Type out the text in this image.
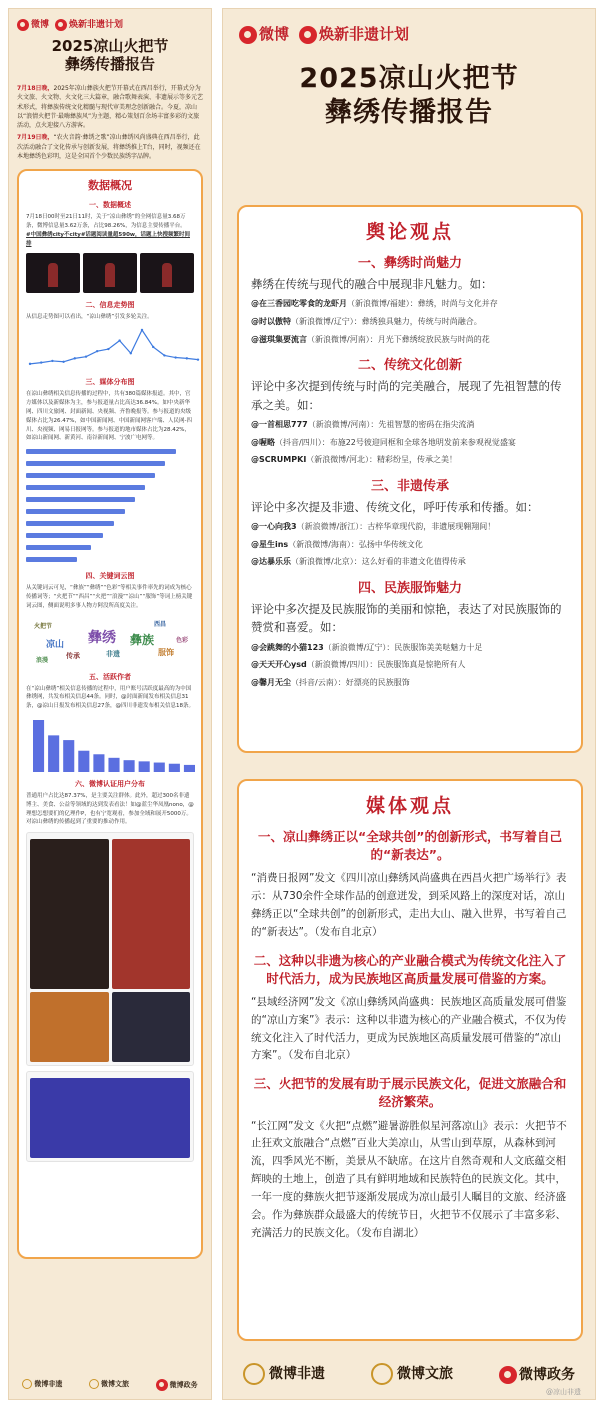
微博	焕新非遗计划
2025凉山火把节
彝绣传播报告

7月18日晚，2025年凉山彝族火把节开幕式在西昌举行，开幕式分为火文旅、火文物、火文化三大篇章，融合歌舞表演、非遗展示等多元艺术形式，将彝族传统文化精髓与现代审美理念创新融合。今夏，凉山以“浪情火把节·最嗨彝族风”为主题，精心策划百余场丰富多彩的文旅活动，点火迎接八方游客。

7月19日晚，“农火音韵·彝绣之歌”凉山彝绣风尚盛典在西昌举行，此次活动融合了文化传承与创新发展，将彝绣推上T台，同时，视频还在本地彝绣色彩明，这是全国首个少数民族绣字品牌。

数据概况
一、数据概述
7月18日00时至21日11时，关于“凉山彝绣”的全网信息量3.68万条，微博信息量3.62万条，占比98.26%，为信息主要传播平台。
#中国彝绣city不city#话题阅读量超590w，话题上快搜频繁时间排
二、信息走势图
从信息走势图可以看出，“凉山彝绣”引发多轮关注。
三、媒体分布图
在凉山彝绣相关信息传播的过程中，共有380篇媒体报道。其中，官方媒体以及新媒体为主，参与报道量占比高达36.84%。如中央新华网、四川文旅网、封面新闻、央视频、齐鲁晚报等。参与报道的央级媒体占比为26.47%，如中国新闻网、中国新闻网客户端、人民网-四川、央视频、网易日报网等。参与报道的地市媒体占比为28.42%，如凉山新闻网、新黄河、南谷新闻网、宁波广电网等。
四、关键词云图
从关键词云可见，“彝族”“彝绣”“色彩”等相关事件率先的词成为核心传播词等；“火把节”“西昌”“火把”“浪漫”“凉山”“服饰”等词上榜关键词云图，侧面说明多事人物方阿没所高度关注。
彝绣 彝族
凉山
服饰
传承	非遗
火把节	西昌
色彩
浪漫
五、活跃作者
在“凉山彝绣”相关信息传播的过程中，用户账号活跃度最高的为中国彝绣网，共发布相关信息44条。同时，@封面新闻发布相关信息31条，@凉山日报发布相关信息27条，@四川非遗发布相关信息18条。
六、微博认证用户分布
普通用户占比达87.37%，是主要关注群体。此外，超过300名非遗博主、美食、公益等领域的达到发表看法！如@蓝尘华凤凰nono，@理想怎想要们的亿理作P，也有宁宽观看，参加全域和展开5000万。对凉山彝绣的传播起到了重要的推动作用。
微博非遗	微博文旅	微博政务
微博	焕新非遗计划
2025凉山火把节
彝绣传播报告
舆论观点
一、彝绣时尚魅力

彝绣在传统与现代的融合中展现非凡魅力。如：

@在三香园吃零食的龙虾月（新浪微博/福建）：彝绣，时尚与文化并存
@时以傲特（新浪微博/辽宁）：彝绣独具魅力，传统与时尚融合。
@滋琪集要流言（新浪微博/河南）：月光下彝绣绽放民族与时尚的花
二、传统文化创新

评论中多次提到传统与时尚的完美融合，展现了先祖智慧的传承之美。如：

@一首相思777（新浪微博/河南）：先祖智慧的密码在指尖流淌
@喔略（抖音/四川）：布施22号彼迎同框和全球各地明发前来参观视觉盛宴
@SCRUMPKI（新浪微博/河北）：精彩纷呈，传承之美！
三、非遗传承

评论中多次提及非遗、传统文化，呼吁传承和传播。如：

@一心向我3（新浪微博/浙江）：古梓华章现代韵，非遗展现翱翔间！
@星生ins（新浪微博/海南）：弘扬中华传统文化
@达暴乐乐（新浪微博/北京）：这么好看的非遗文化值得传承
四、民族服饰魅力

评论中多次提及民族服饰的美丽和惊艳，表达了对民族服饰的赞赏和喜爱。如：

@会跳舞的小猫123（新浪微博/辽宁）：民族服饰美美哒魅力十足
@天天开心ysd（新浪微博/四川）：民族服饰真是惊艳所有人
@馨月无尘（抖音/云南）：好漂亮的民族服饰
媒体观点
一、凉山彝绣正以“全球共创”的创新形式，书写着自己的“新表达”。

“消费日报网”发文《四川凉山彝绣风尚盛典在西昌火把广场举行》表示：从730余件全球作品的创意迸发，到采风路上的深度对话，凉山彝绣正以“全球共创”的创新形式，走出大山、融入世界，书写着自己的“新表达”。（发布自北京）

二、这种以非遗为核心的产业融合模式为传统文化注入了时代活力，成为民族地区高质量发展可借鉴的方案。

“县域经济网”发文《凉山彝绣风尚盛典：民族地区高质量发展可借鉴的“凉山方案”》表示：这种以非遗为核心的产业融合模式，不仅为传统文化注入了时代活力，更成为民族地区高质量发展可借鉴的“凉山方案”。（发布自北京）

三、火把节的发展有助于展示民族文化，促进文旅融合和经济繁荣。

“长江网”发文《火把“点燃”避暑游胜似星河落凉山》表示：火把节不止狂欢文旅融合“点燃”百业大美凉山，从雪山到草原，从森林到河流，四季风光不断，美景从不缺席。在这片自然奇观和人文底蕴交相辉映的土地上，创造了具有鲜明地域和民族特色的民族文化。其中，一年一度的彝族火把节逐渐发展成为凉山最引人瞩目的文旅、经济盛会。作为彝族群众最盛大的传统节日，火把节不仅展示了丰富多彩、充满活力的民族文化。（发布自湖北）

微博非遗	微博文旅	微博政务
@凉山非遗
